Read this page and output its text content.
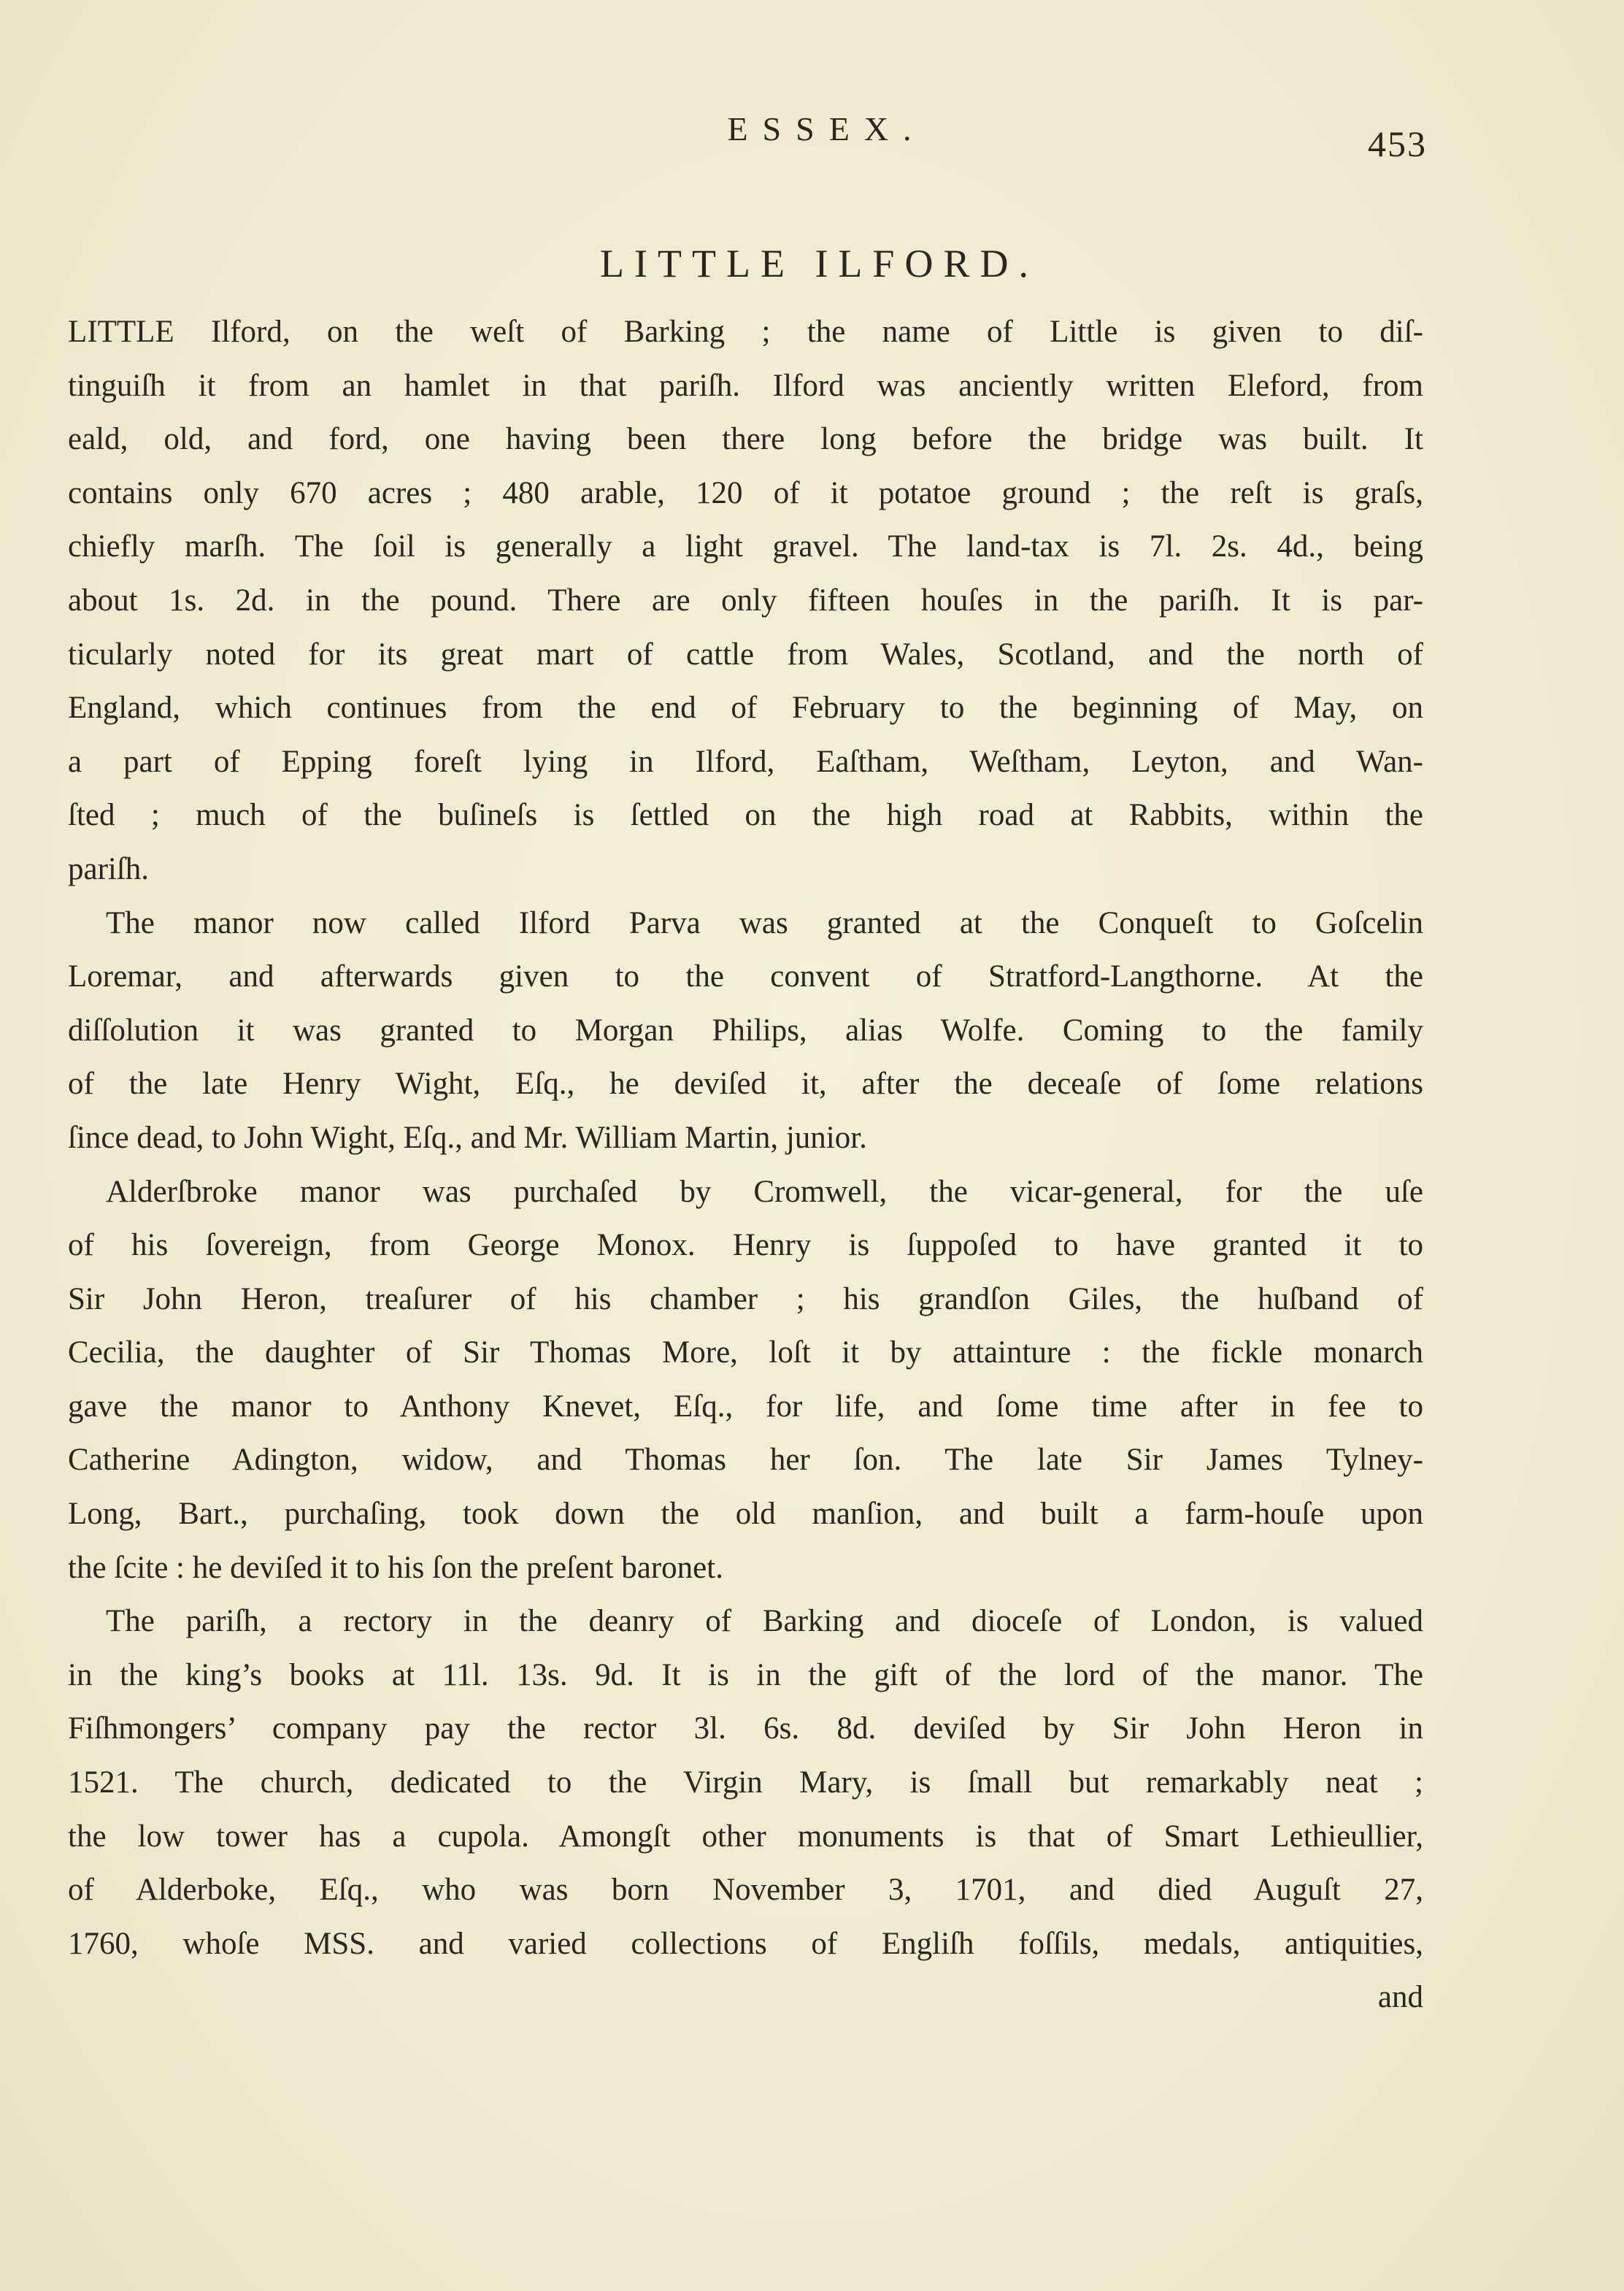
ESSEX.	453
LITTLE ILFORD.
LITTLE Ilford, on the weſt of Barking ; the name of Little is given to diſ-
tinguiſh it from an hamlet in that pariſh. Ilford was anciently written Eleford, from
eald, old, and ford, one having been there long before the bridge was built. It
contains only 670 acres ; 480 arable, 120 of it potatoe ground ; the reſt is graſs,
chiefly marſh. The ſoil is generally a light gravel. The land-tax is 7l. 2s. 4d., being
about 1s. 2d. in the pound. There are only fifteen houſes in the pariſh. It is par-
ticularly noted for its great mart of cattle from Wales, Scotland, and the north of
England, which continues from the end of February to the beginning of May, on
a part of Epping foreſt lying in Ilford, Eaſtham, Weſtham, Leyton, and Wan-
ſted ; much of the buſineſs is ſettled on the high road at Rabbits, within the
pariſh.
The manor now called Ilford Parva was granted at the Conqueſt to Goſcelin
Loremar, and afterwards given to the convent of Stratford-Langthorne. At the
diſſolution it was granted to Morgan Philips, alias Wolfe. Coming to the family
of the late Henry Wight, Eſq., he deviſed it, after the deceaſe of ſome relations
ſince dead, to John Wight, Eſq., and Mr. William Martin, junior.
Alderſbroke manor was purchaſed by Cromwell, the vicar-general, for the uſe
of his ſovereign, from George Monox. Henry is ſuppoſed to have granted it to
Sir John Heron, treaſurer of his chamber ; his grandſon Giles, the huſband of
Cecilia, the daughter of Sir Thomas More, loſt it by attainture : the fickle monarch
gave the manor to Anthony Knevet, Eſq., for life, and ſome time after in fee to
Catherine Adington, widow, and Thomas her ſon. The late Sir James Tylney-
Long, Bart., purchaſing, took down the old manſion, and built a farm-houſe upon
the ſcite : he deviſed it to his ſon the preſent baronet.
The pariſh, a rectory in the deanry of Barking and dioceſe of London, is valued
in the king’s books at 11l. 13s. 9d. It is in the gift of the lord of the manor. The
Fiſhmongers’ company pay the rector 3l. 6s. 8d. deviſed by Sir John Heron in
1521. The church, dedicated to the Virgin Mary, is ſmall but remarkably neat ;
the low tower has a cupola. Amongſt other monuments is that of Smart Lethieullier,
of Alderboke, Eſq., who was born November 3, 1701, and died Auguſt 27,
1760, whoſe MSS. and varied collections of Engliſh foſſils, medals, antiquities,
and
